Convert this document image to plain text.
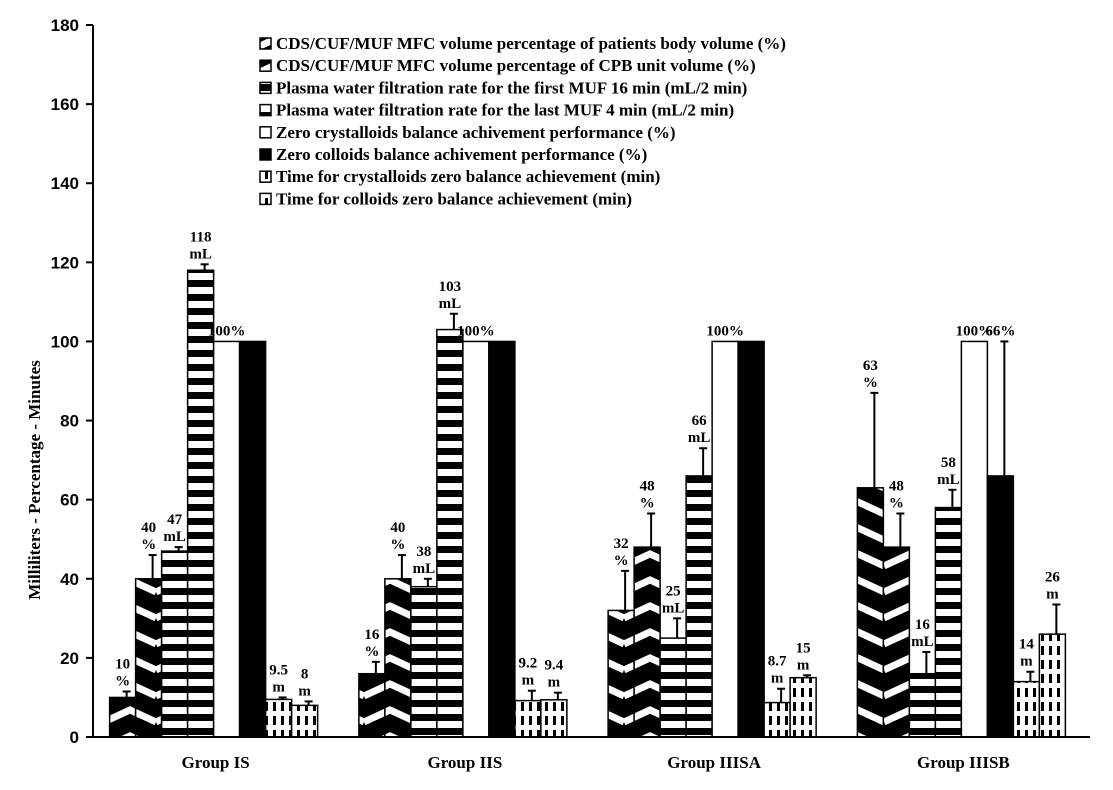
Milliliters - Percentage - Minutes
0
20
40
60
80
100
120
140
160
180
10
%
40
%
47
mL
118
mL
100%
9.5
m
8
m
16
%
40
% 38
mL
103
mL
100%
9.2
m
9.4
m
32
%
48
%
25
mL
66
mL
100%
8.7
m
15
m
63
%
48
%
16
mL
58
mL
100%
66%
14
m
26
m
Group IS	Group IIS	Group IIISA	Group IIISB
CDS/CUF/MUF MFC volume percentage of patients body volume (%)
CDS/CUF/MUF MFC volume percentage of CPB unit volume (%)
Plasma water filtration rate for the first MUF 16 min (mL/2 min)
Plasma water filtration rate for the last MUF 4 min (mL/2 min)
Zero crystalloids balance achivement performance (%)
Zero colloids balance achivement performance (%)
Time for crystalloids zero balance achievement (min)
Time for colloids zero balance achievement (min)
